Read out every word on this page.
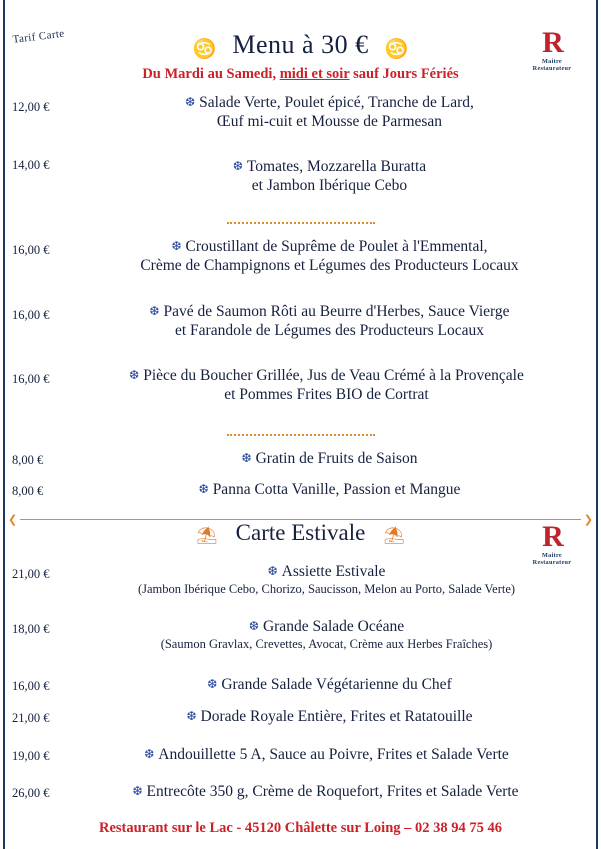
Tarif Carte	R
Maitre
Restaurateur
♋ Menu à 30 € ♋
Du Mardi au Samedi, midi et soir sauf Jours Fériés
12,00 €	❆ Salade Verte, Poulet épicé, Tranche de Lard,
Œuf mi-cuit et Mousse de Parmesan
14,00 €	❆ Tomates, Mozzarella Buratta
et Jambon Ibérique Cebo
16,00 €	❆ Croustillant de Suprême de Poulet à l'Emmental,
Crème de Champignons et Légumes des Producteurs Locaux
16,00 €	❆ Pavé de Saumon Rôti au Beurre d'Herbes, Sauce Vierge
et Farandole de Légumes des Producteurs Locaux
16,00 €	❆ Pièce du Boucher Grillée, Jus de Veau Crémé à la Provençale
et Pommes Frites BIO de Cortrat
8,00 €	❆ Gratin de Fruits de Saison
8,00 €	❆ Panna Cotta Vanille, Passion et Mangue
❮	❯
R
Maitre
Restaurateur
⛱ Carte Estivale ⛱
21,00 €	❆ Assiette Estivale
(Jambon Ibérique Cebo, Chorizo, Saucisson, Melon au Porto, Salade Verte)
18,00 €	❆ Grande Salade Océane
(Saumon Gravlax, Crevettes, Avocat, Crème aux Herbes Fraîches)
16,00 €	❆ Grande Salade Végétarienne du Chef
21,00 €	❆ Dorade Royale Entière, Frites et Ratatouille
19,00 €	❆ Andouillette 5 A, Sauce au Poivre, Frites et Salade Verte
26,00 €	❆ Entrecôte 350 g, Crème de Roquefort, Frites et Salade Verte
Restaurant sur le Lac - 45120 Châlette sur Loing – 02 38 94 75 46
